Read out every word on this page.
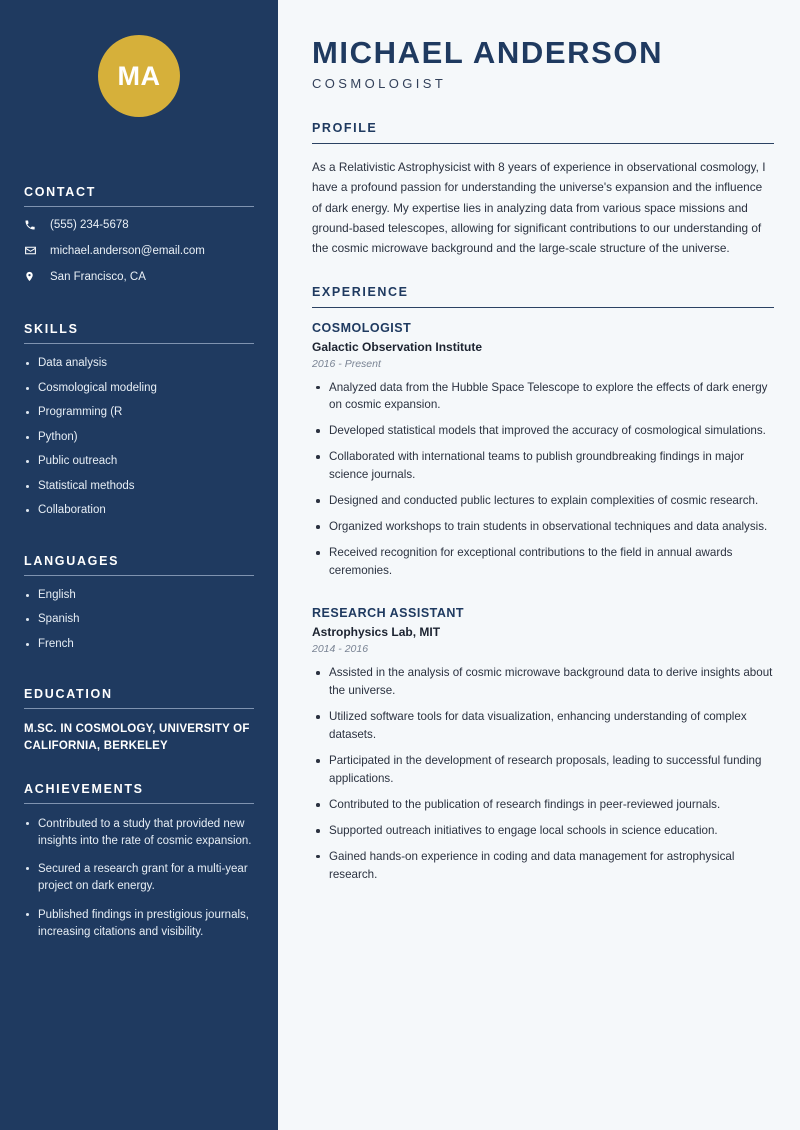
MA
CONTACT
(555) 234-5678
michael.anderson@email.com
San Francisco, CA
SKILLS
Data analysis
Cosmological modeling
Programming (R
Python)
Public outreach
Statistical methods
Collaboration
LANGUAGES
English
Spanish
French
EDUCATION
M.SC. IN COSMOLOGY, UNIVERSITY OF CALIFORNIA, BERKELEY
ACHIEVEMENTS
Contributed to a study that provided new insights into the rate of cosmic expansion.
Secured a research grant for a multi-year project on dark energy.
Published findings in prestigious journals, increasing citations and visibility.
MICHAEL ANDERSON
COSMOLOGIST
PROFILE

As a Relativistic Astrophysicist with 8 years of experience in observational cosmology, I have a profound passion for understanding the universe's expansion and the influence of dark energy. My expertise lies in analyzing data from various space missions and ground-based telescopes, allowing for significant contributions to our understanding of the cosmic microwave background and the large-scale structure of the universe.

EXPERIENCE
COSMOLOGIST
Galactic Observation Institute
2016 - Present
Analyzed data from the Hubble Space Telescope to explore the effects of dark energy on cosmic expansion.
Developed statistical models that improved the accuracy of cosmological simulations.
Collaborated with international teams to publish groundbreaking findings in major science journals.
Designed and conducted public lectures to explain complexities of cosmic research.
Organized workshops to train students in observational techniques and data analysis.
Received recognition for exceptional contributions to the field in annual awards ceremonies.
RESEARCH ASSISTANT
Astrophysics Lab, MIT
2014 - 2016
Assisted in the analysis of cosmic microwave background data to derive insights about the universe.
Utilized software tools for data visualization, enhancing understanding of complex datasets.
Participated in the development of research proposals, leading to successful funding applications.
Contributed to the publication of research findings in peer-reviewed journals.
Supported outreach initiatives to engage local schools in science education.
Gained hands-on experience in coding and data management for astrophysical research.
